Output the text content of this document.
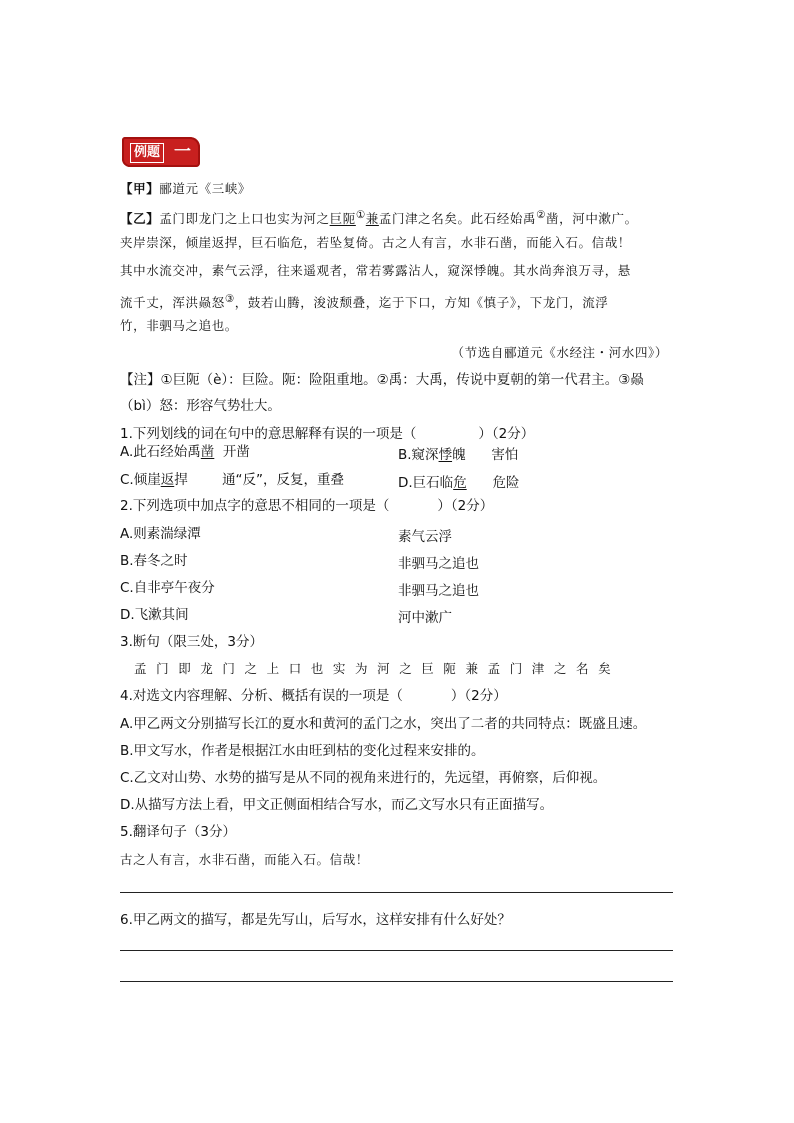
例题 一
【甲】郦道元《三峡》
【乙】孟门即龙门之上口也实为河之巨阨①兼孟门津之名矣。此石经始禹②凿，河中漱广。
夹岸崇深，倾崖返捍，巨石临危，若坠复倚。古之人有言，水非石凿，而能入石。信哉！
其中水流交冲，素气云浮，往来遥观者，常若雾露沾人，窥深悸魄。其水尚奔浪万寻，悬
流千丈，浑洪赑怒③，鼓若山腾，浚波颓叠，迄于下口，方知《慎子》，下龙门，流浮
竹，非驷马之追也。
（节选自郦道元《水经注・河水四》）
【注】①巨阨（è）：巨险。阨：险阻重地。②禹：大禹，传说中夏朝的第一代君主。③赑
（bì）怒：形容气势壮大。
1.下列划线的词在句中的意思解释有误的一项是（	）（2分）
A.此石经始禹凿 开凿	B.窥深悸魄 害怕
C.倾崖返捍	通“反”，反复，重叠	D.巨石临危 危险
2.下列选项中加点字的意思不相同的一项是（	）（2分）
A.则素湍绿潭	素气云浮
B.春冬之时	非驷马之追也
C.自非亭午夜分	非驷马之追也
D.飞漱其间	河中漱广
3.断句（限三处，3分）
孟门即龙门之上口也实为河之巨阨兼孟门津之名矣
4.对选文内容理解、分析、概括有误的一项是（	）（2分）
A.甲乙两文分别描写长江的夏水和黄河的孟门之水，突出了二者的共同特点：既盛且速。
B.甲文写水，作者是根据江水由旺到枯的变化过程来安排的。
C.乙文对山势、水势的描写是从不同的视角来进行的，先远望，再俯察，后仰视。
D.从描写方法上看，甲文正侧面相结合写水，而乙文写水只有正面描写。
5.翻译句子（3分）
古之人有言，水非石凿，而能入石。信哉！
6.甲乙两文的描写，都是先写山，后写水，这样安排有什么好处？
